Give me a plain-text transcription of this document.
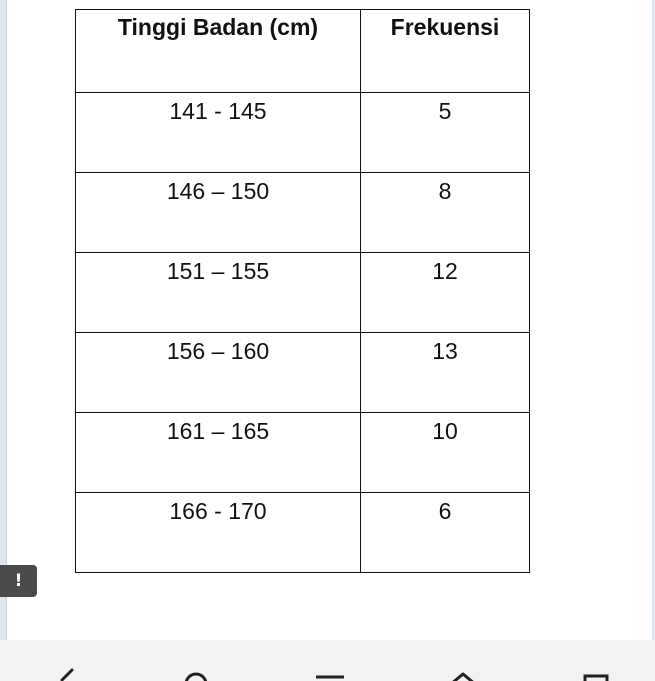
Tinggi Badan (cm)	Frekuensi
141 - 145	5
146 – 150	8
151 – 155	12
156 – 160	13
161 – 165	10
166 - 170	6
!
